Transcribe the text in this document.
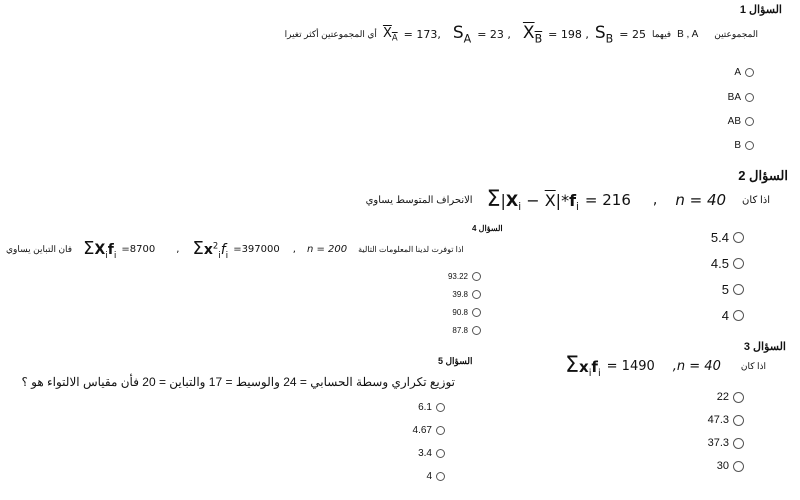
السؤال 1
أي المجموعتين أكثر تغيرا $X_A = 173$, $S_A = 23$ , $X_B = 198$ , $S_B = 25$ فيهما B , A المجموعتين
A
BA
AB
B
السؤال 2
الانحراف المتوسط يساوي $\Sigma|X_i - \overline{X}|*f_i = 216$ , n = 40 اذا كان
5.4
4.5
5
4
السؤال 4
فان التباين يساوي $\Sigma X_if_i$
=8700 , $\Sigma x^2_if_i$
=397000 , n = 200 اذا توفرت لدينا المعلومات التالية
93.22
39.8
90.8
87.8
السؤال 3
$\Sigma x_if_i = 1490$ ,n = 40 اذا كان
22
47.3
37.3
30
السؤال 5
توزيع تكراري وسطة الحسابي = 24 والوسيط = 17 والتباين = 20 فأن مقياس الالتواء هو ؟
6.1
4.67
3.4
4
